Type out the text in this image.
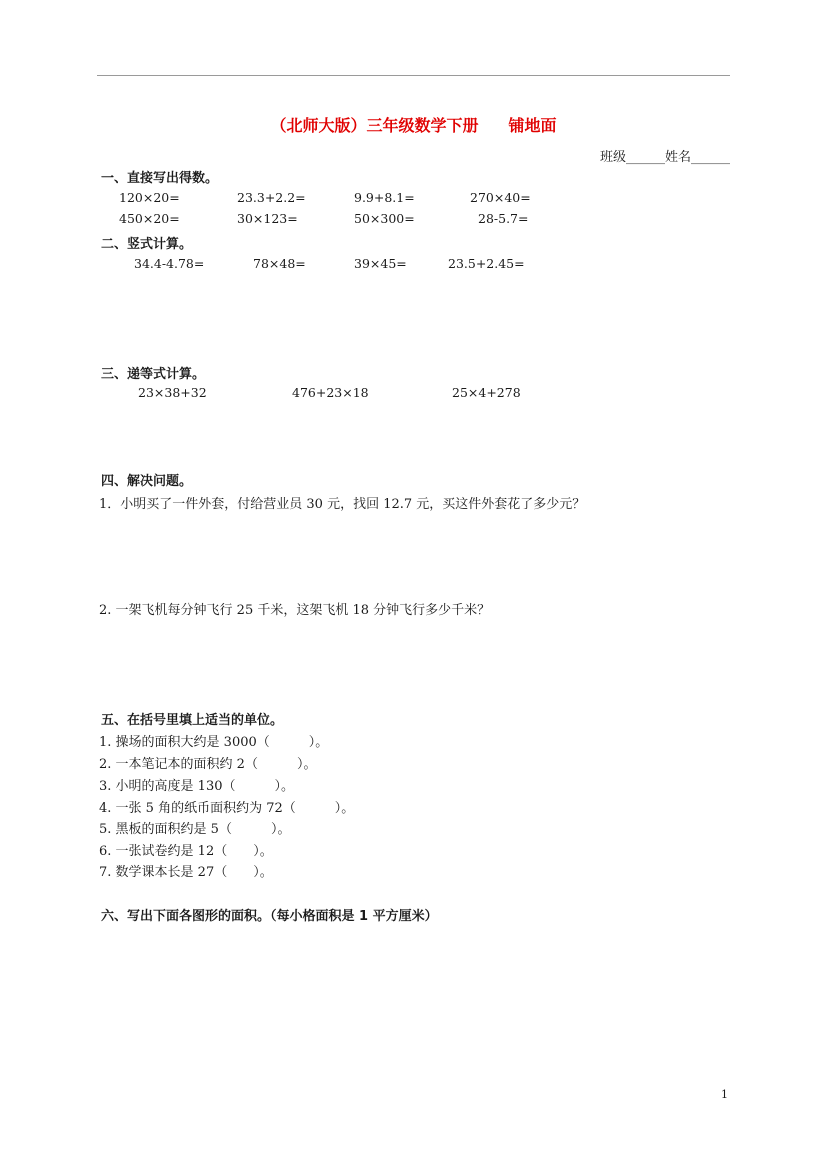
（北师大版）三年级数学下册 铺地面
班级______姓名______
一、直接写出得数。
120×20=	23.3+2.2=	9.9+8.1=	270×40=
450×20=	30×123=	50×300=	28-5.7=
二、竖式计算。
34.4-4.78=	78×48=	39×45=	23.5+2.45=
三、递等式计算。
23×38+32	476+23×18	25×4+278
四、解决问题。
1．小明买了一件外套，付给营业员 30 元，找回 12.7 元，买这件外套花了多少元？
2. 一架飞机每分钟飞行 25 千米，这架飞机 18 分钟飞行多少千米？
五、在括号里填上适当的单位。
1. 操场的面积大约是 3000（　　　）。
2. 一本笔记本的面积约 2（　　　）。
3. 小明的高度是 130（　　　）。
4. 一张 5 角的纸币面积约为 72（　　　）。
5. 黑板的面积约是 5（　　　）。
6. 一张试卷约是 12（　　）。
7. 数学课本长是 27（　　）。
六、写出下面各图形的面积。（每小格面积是 1 平方厘米）
1
